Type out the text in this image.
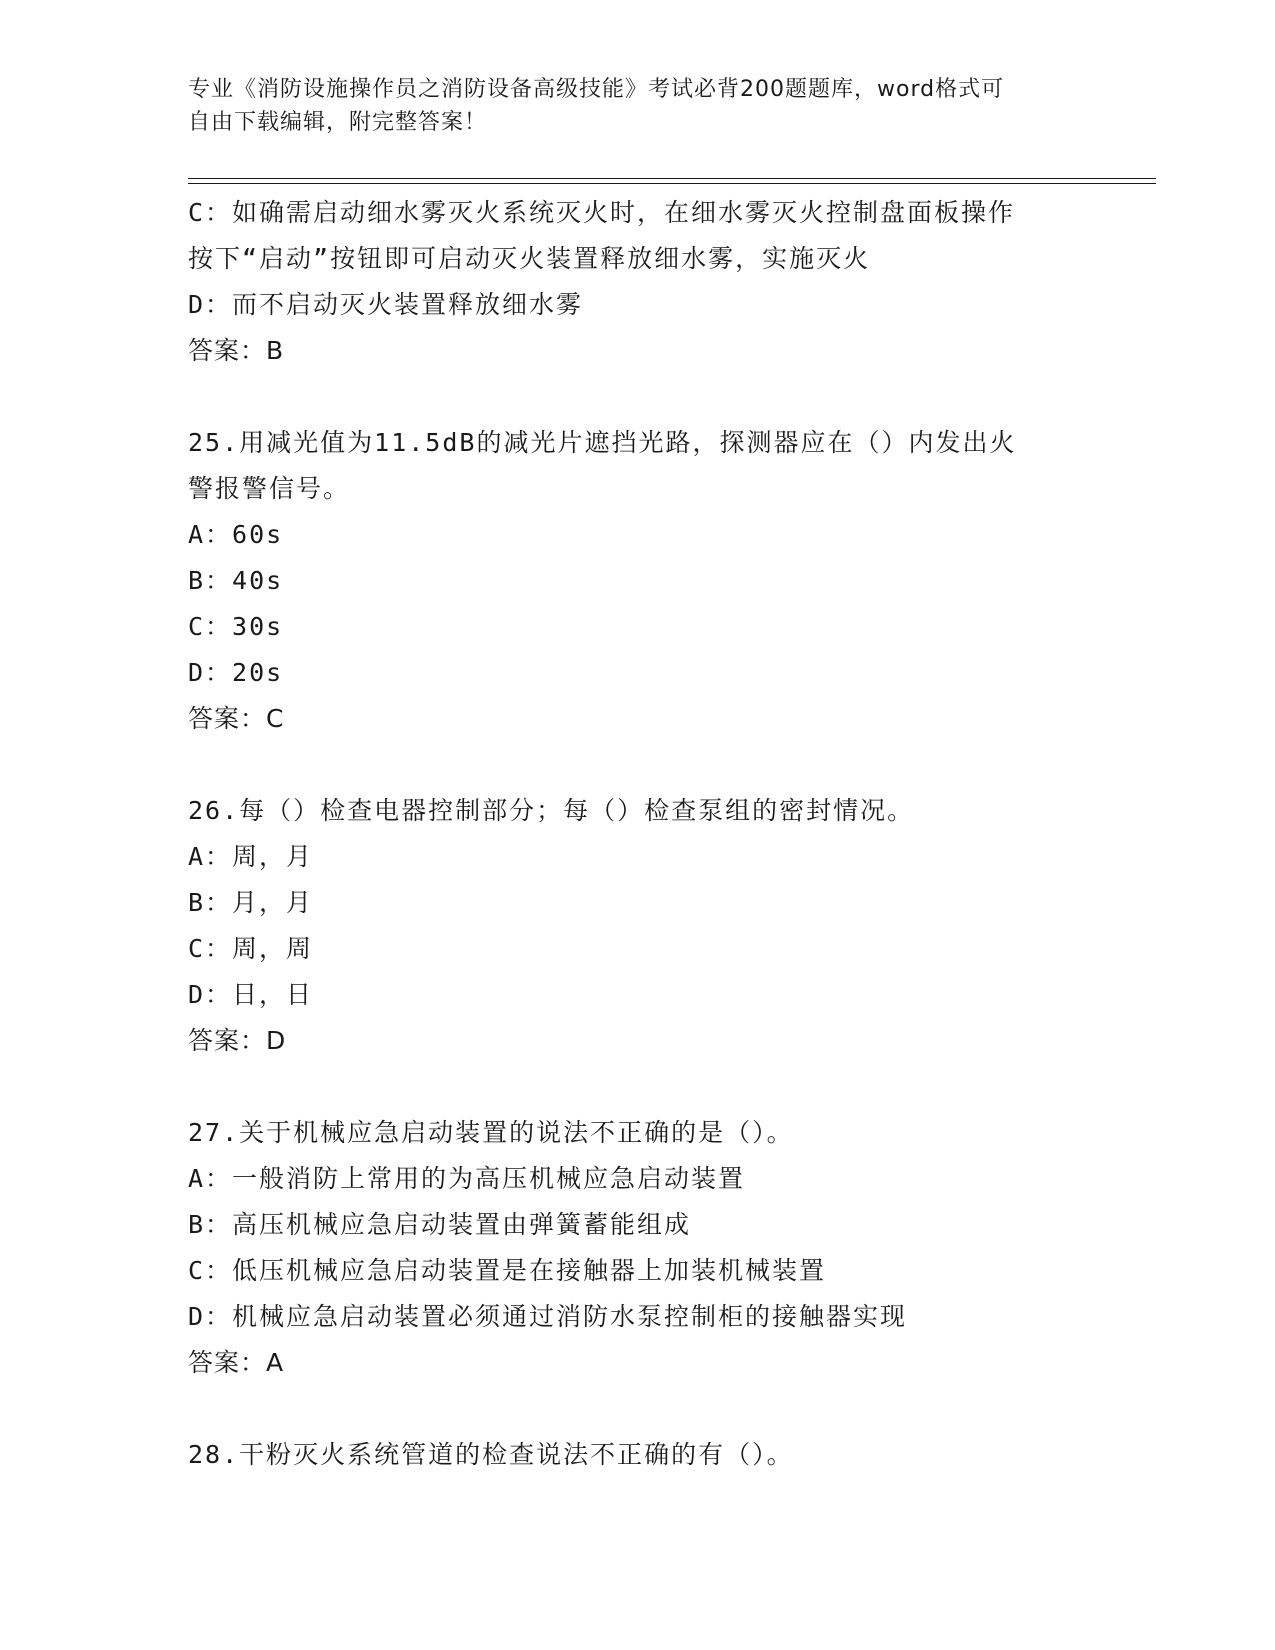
专业《消防设施操作员之消防设备高级技能》考试必背200题题库，word格式可
自由下载编辑，附完整答案！
C：如确需启动细水雾灭火系统灭火时，在细水雾灭火控制盘面板操作
按下“启动”按钮即可启动灭火装置释放细水雾，实施灭火
D：而不启动灭火装置释放细水雾
答案：B
25.用减光值为11.5dB的减光片遮挡光路，探测器应在（）内发出火
警报警信号。
A：60s
B：40s
C：30s
D：20s
答案：C
26.每（）检查电器控制部分；每（）检查泵组的密封情况。
A：周，月
B：月，月
C：周，周
D：日，日
答案：D
27.关于机械应急启动装置的说法不正确的是（）。
A：一般消防上常用的为高压机械应急启动装置
B：高压机械应急启动装置由弹簧蓄能组成
C：低压机械应急启动装置是在接触器上加装机械装置
D：机械应急启动装置必须通过消防水泵控制柜的接触器实现
答案：A
28.干粉灭火系统管道的检查说法不正确的有（）。
